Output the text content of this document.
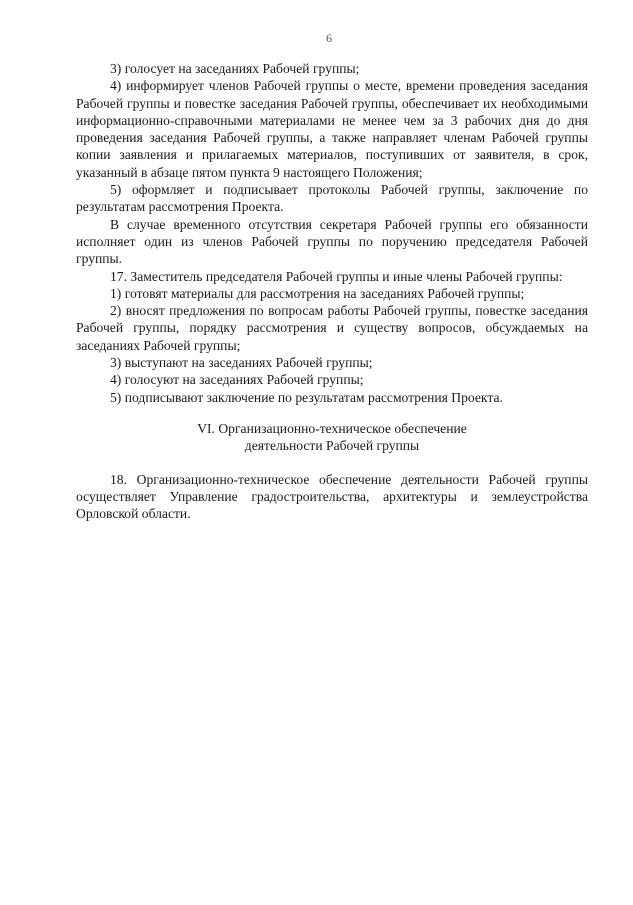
6

3) голосует на заседаниях Рабочей группы;

4) информирует членов Рабочей группы о месте, времени проведения заседания Рабочей группы и повестке заседания Рабочей группы, обеспечивает их необходимыми информационно-справочными материалами не менее чем за 3 рабочих дня до дня проведения заседания Рабочей группы, а также направляет членам Рабочей группы копии заявления и прилагаемых материалов, поступивших от заявителя, в срок, указанный в абзаце пятом пункта 9 настоящего Положения;

5) оформляет и подписывает протоколы Рабочей группы, заключение по результатам рассмотрения Проекта.

В случае временного отсутствия секретаря Рабочей группы его обязанности исполняет один из членов Рабочей группы по поручению председателя Рабочей группы.

17. Заместитель председателя Рабочей группы и иные члены Рабочей группы:

1) готовят материалы для рассмотрения на заседаниях Рабочей группы;

2) вносят предложения по вопросам работы Рабочей группы, повестке заседания Рабочей группы, порядку рассмотрения и существу вопросов, обсуждаемых на заседаниях Рабочей группы;

3) выступают на заседаниях Рабочей группы;

4) голосуют на заседаниях Рабочей группы;

5) подписывают заключение по результатам рассмотрения Проекта.

VI. Организационно-техническое обеспечение

деятельности Рабочей группы

18. Организационно-техническое обеспечение деятельности Рабочей группы осуществляет Управление градостроительства, архитектуры и землеустройства Орловской области.
